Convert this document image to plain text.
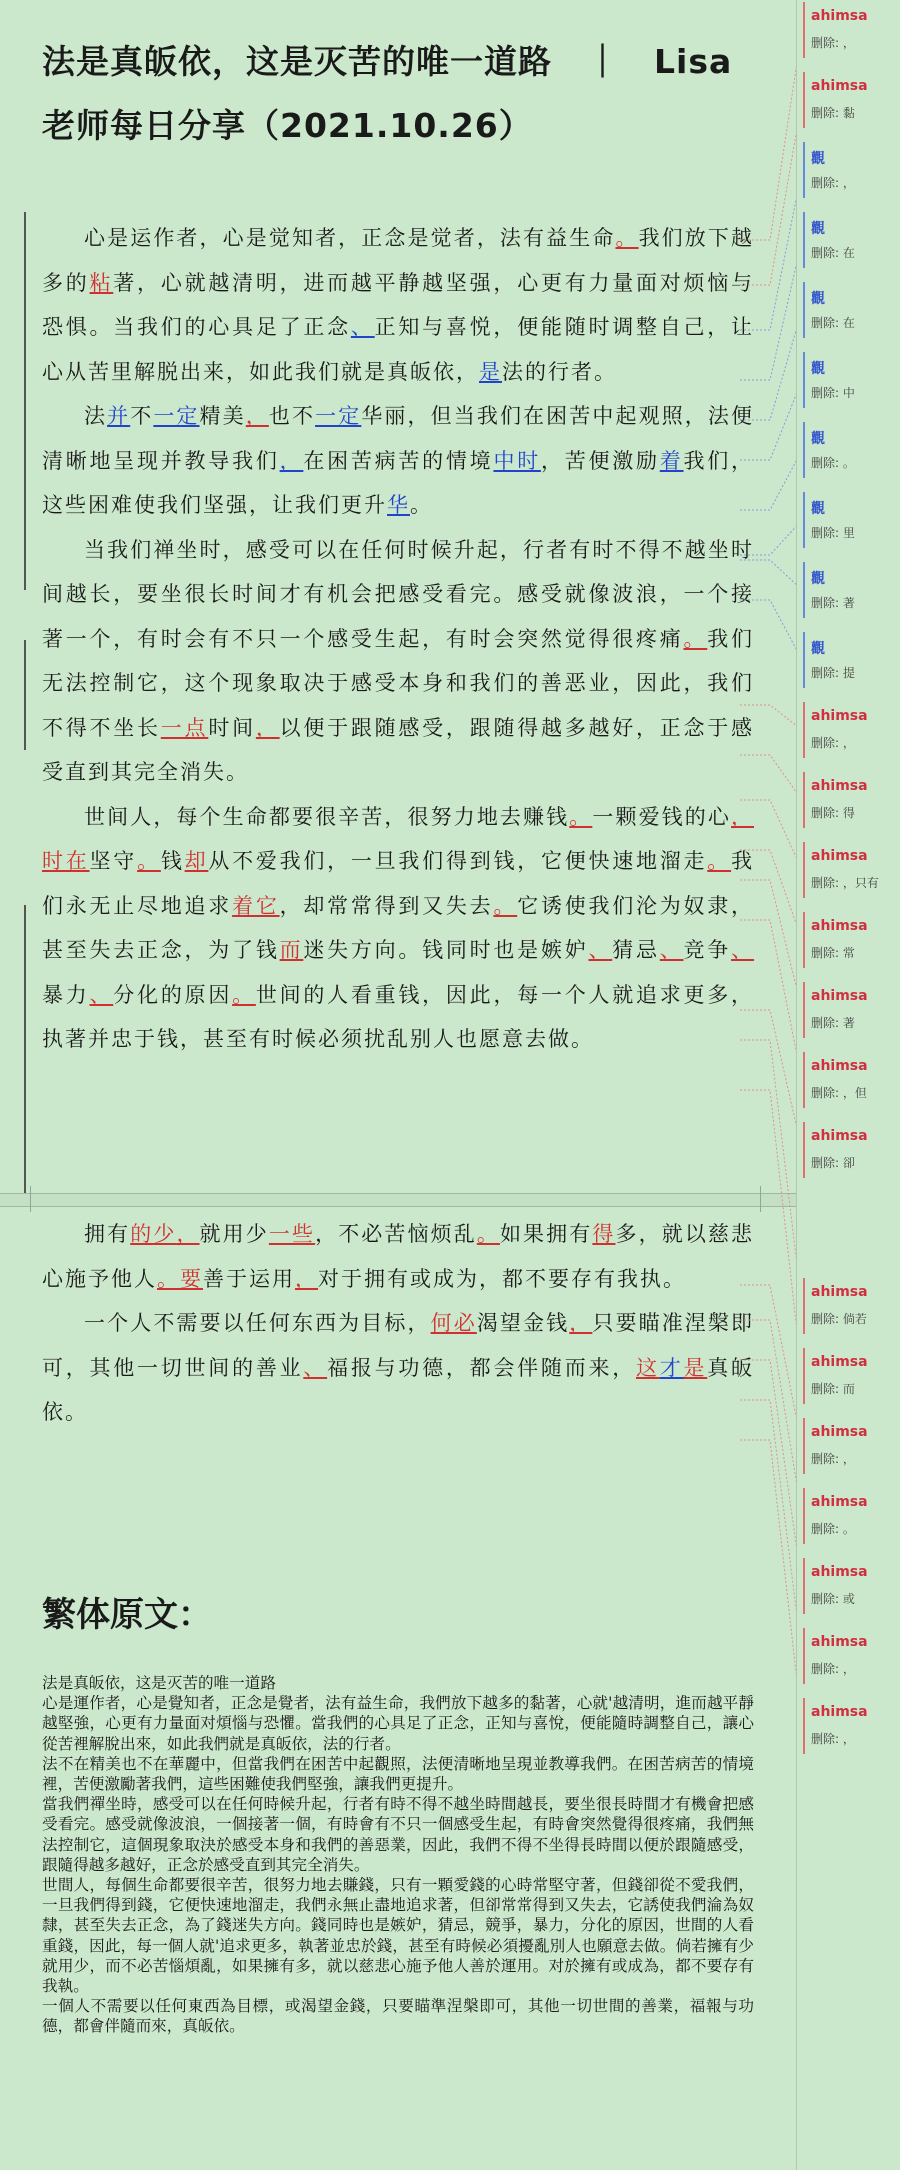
法是真皈依，这是灭苦的唯一道路　｜　Lisa 老师每日分享（2021.10.26）

心是运作者，心是觉知者，正念是觉者，法有益生命。我们放下越多的粘著，心就越清明，进而越平静越坚强，心更有力量面对烦恼与恐惧。当我们的心具足了正念、正知与喜悦，便能随时调整自己，让心从苦里解脱出来，如此我们就是真皈依，是法的行者。

法并不一定精美，也不一定华丽，但当我们在困苦中起观照，法便清晰地呈现并教导我们，在困苦病苦的情境中时，苦便激励着我们，这些困难使我们坚强，让我们更升华。

当我们禅坐时，感受可以在任何时候升起，行者有时不得不越坐时间越长，要坐很长时间才有机会把感受看完。感受就像波浪，一个接著一个，有时会有不只一个感受生起，有时会突然觉得很疼痛。我们无法控制它，这个现象取决于感受本身和我们的善恶业，因此，我们不得不坐长一点时间，以便于跟随感受，跟随得越多越好，正念于感受直到其完全消失。

世间人，每个生命都要很辛苦，很努力地去赚钱。一颗爱钱的心，时在坚守。钱却从不爱我们，一旦我们得到钱，它便快速地溜走。我们永无止尽地追求着它，却常常得到又失去。它诱使我们沦为奴隶，甚至失去正念，为了钱而迷失方向。钱同时也是嫉妒、猜忌、竞争、暴力、分化的原因。世间的人看重钱，因此，每一个人就追求更多，执著并忠于钱，甚至有时候必须扰乱别人也愿意去做。

拥有的少，就用少一些，不必苦恼烦乱。如果拥有得多，就以慈悲心施予他人。要善于运用，对于拥有或成为，都不要存有我执。

一个人不需要以任何东西为目标，何必渴望金钱，只要瞄准涅槃即可，其他一切世间的善业、福报与功德，都会伴随而来，这才是真皈依。

繁体原文：

法是真皈依，这是灭苦的唯一道路

心是運作者，心是覺知者，正念是覺者，法有益生命，我們放下越多的黏著，心就'越清明，進而越平靜越堅強，心更有力量面对煩惱与恐懼。當我們的心具足了正念，正知与喜悅，便能隨時調整自己，讓心從苦裡解脫出來，如此我們就是真皈依，法的行者。

法不在精美也不在華麗中，但當我們在困苦中起觀照，法便清晰地呈現並教導我們。在困苦病苦的情境裡，苦便激勵著我們，這些困難使我們堅強，讓我們更提升。

當我們禪坐時，感受可以在任何時候升起，行者有時不得不越坐時間越長，要坐很長時間才有機會把感受看完。感受就像波浪，一個接著一個，有時會有不只一個感受生起，有時會突然覺得很疼痛，我們無法控制它，這個現象取決於感受本身和我們的善惡業，因此，我們不得不坐得長時間以便於跟隨感受，跟隨得越多越好，正念於感受直到其完全消失。

世間人，每個生命都要很辛苦，很努力地去賺錢，只有一顆愛錢的心時常堅守著，但錢卻從不愛我們，一旦我們得到錢，它便快速地溜走，我們永無止盡地追求著，但卻常常得到又失去，它誘使我們淪為奴隸，甚至失去正念，為了錢迷失方向。錢同時也是嫉妒，猜忌，競爭，暴力，分化的原因，世間的人看重錢，因此，每一個人就'追求更多，執著並忠於錢，甚至有時候必須擾亂別人也願意去做。倘若擁有少就用少，而不必苦惱煩亂，如果擁有多，就以慈悲心施予他人善於運用。对於擁有或成為，都不要存有我執。

一個人不需要以任何東西為目標，或渴望金錢，只要瞄準涅槃即可，其他一切世間的善業，福報与功德，都會伴隨而來，真皈依。

ahimsa
删除: ，
ahimsa
删除: 黏
觀
删除: ，
觀
删除: 在
觀
删除: 在
觀
删除: 中
觀
删除: 。
觀
删除: 里
觀
删除: 著
觀
删除: 提
ahimsa
删除: ，
ahimsa
删除: 得
ahimsa
删除: ，只有
ahimsa
删除: 常
ahimsa
删除: 著
ahimsa
删除: ，但
ahimsa
删除: 卻
ahimsa
删除: 倘若
ahimsa
删除: 而
ahimsa
删除: ，
ahimsa
删除: 。
ahimsa
删除: 或
ahimsa
删除: ，
ahimsa
删除: ，
